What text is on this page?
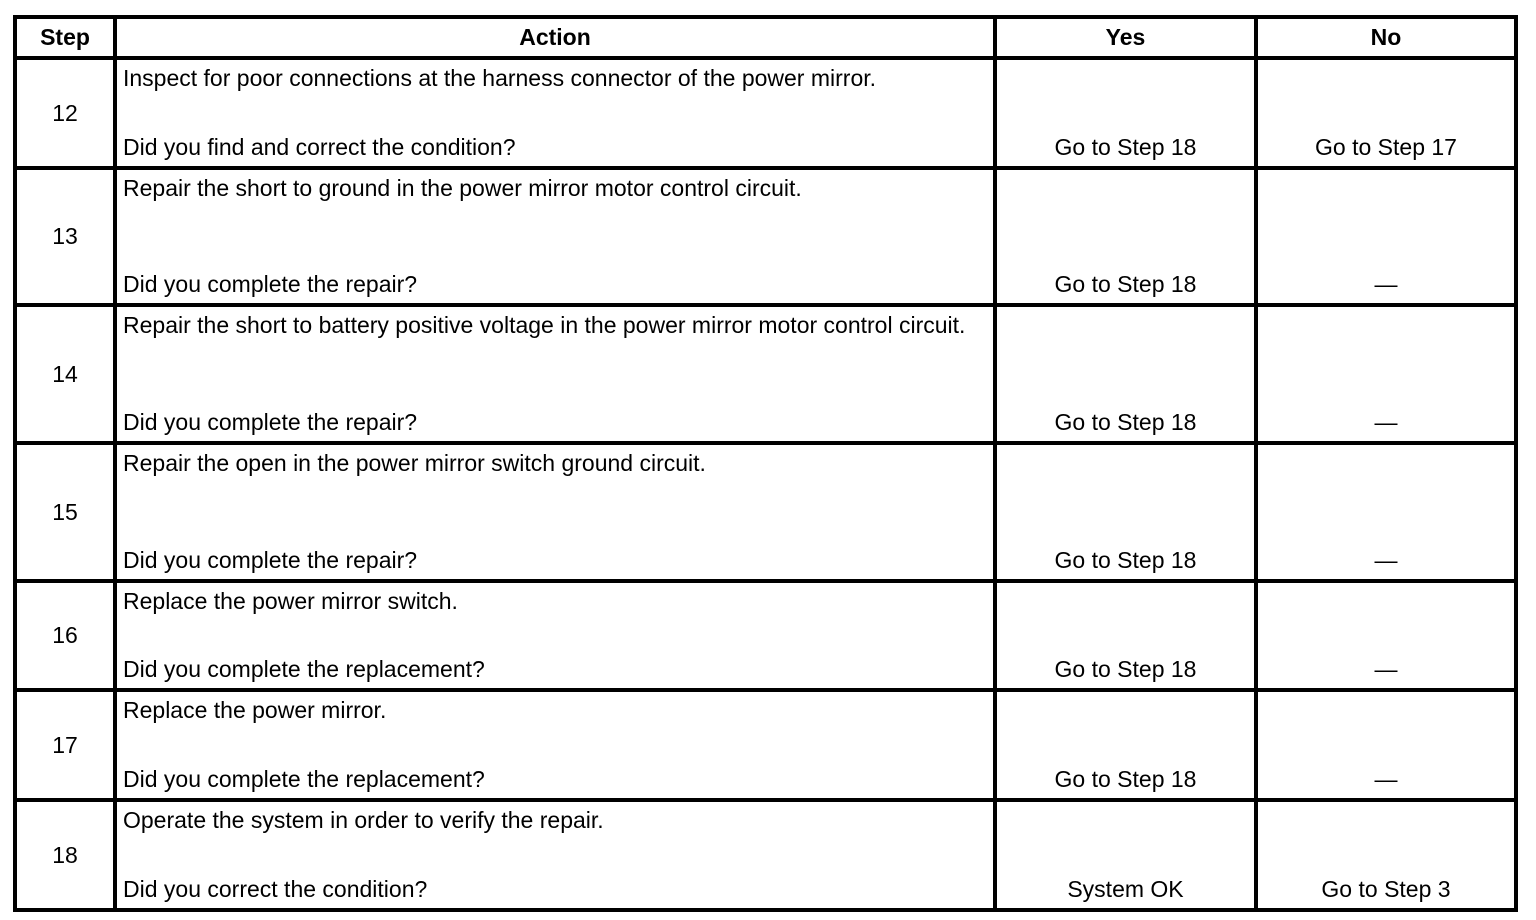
Step	Action	Yes	No
12	Inspect for poor connections at the harness connector of the power mirror.
Did you find and correct the condition?	Go to Step 18	Go to Step 17

13	Repair the short to ground in the power mirror motor control circuit.
Did you complete the repair?	Go to Step 18	—

14	Repair the short to battery positive voltage in the power mirror motor control circuit.
Did you complete the repair?	Go to Step 18	—

15	Repair the open in the power mirror switch ground circuit.
Did you complete the repair?	Go to Step 18	—

16	Replace the power mirror switch.
Did you complete the replacement?	Go to Step 18	—

17	Replace the power mirror.
Did you complete the replacement?	Go to Step 18	—

18	Operate the system in order to verify the repair.
Did you correct the condition?	System OK	Go to Step 3
